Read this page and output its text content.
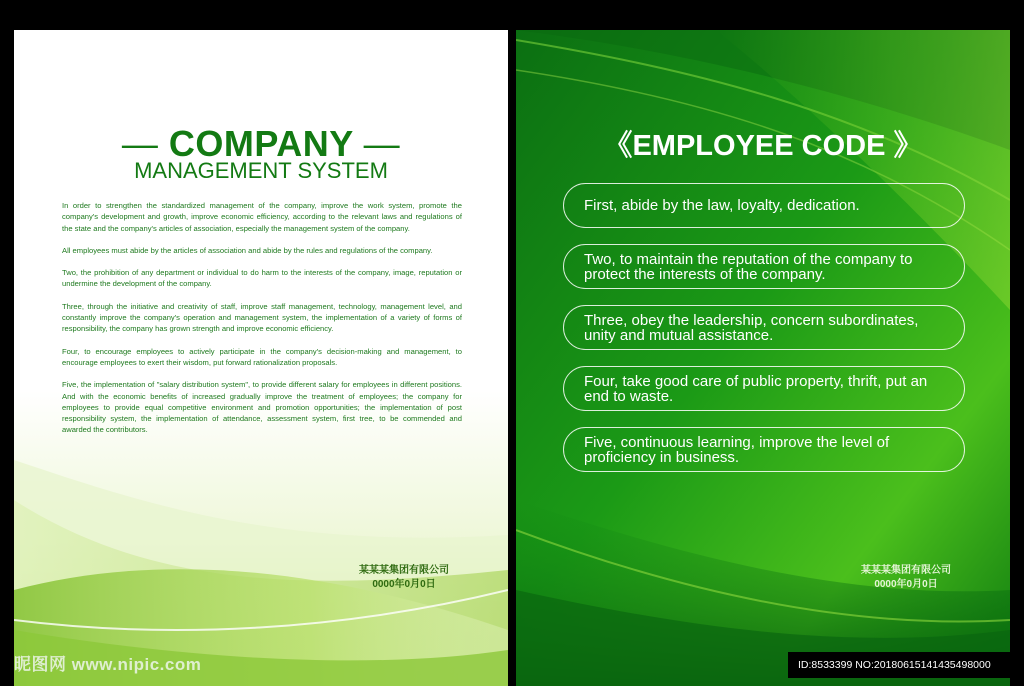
— COMPANY —
MANAGEMENT SYSTEM

In order to strengthen the standardized management of the company, improve the work system, promote the company's development and growth, improve economic efficiency, according to the relevant laws and regulations of the state and the company's articles of association, especially the management system of the company.

All employees must abide by the articles of association and abide by the rules and regulations of the company.

Two, the prohibition of any department or individual to do harm to the interests of the company, image, reputation or undermine the development of the company.

Three, through the initiative and creativity of staff, improve staff management, technology, management level, and constantly improve the company's operation and management system, the implementation of a variety of forms of responsibility, the company has grown strength and improve economic efficiency.

Four, to encourage employees to actively participate in the company's decision-making and management, to encourage employees to exert their wisdom, put forward rationalization proposals.

Five, the implementation of "salary distribution system", to provide different salary for employees in different positions. And with the economic benefits of increased gradually improve the treatment of employees; the company for employees to provide equal competitive environment and promotion opportunities; the implementation of post responsibility system, the implementation of attendance, assessment system, first tree, to be commended and awarded the contributors.

某某某集团有限公司
0000年0月0日
昵图网 www.nipic.com
《EMPLOYEE CODE 》
First, abide by the law, loyalty, dedication.
Two, to maintain the reputation of the company to protect the interests of the company.
Three, obey the leadership, concern subordinates, unity and mutual assistance.
Four, take good care of public property, thrift, put an end to waste.
Five, continuous learning, improve the level of proficiency in business.
某某某集团有限公司
0000年0月0日
ID:8533399 NO:20180615141435498000
